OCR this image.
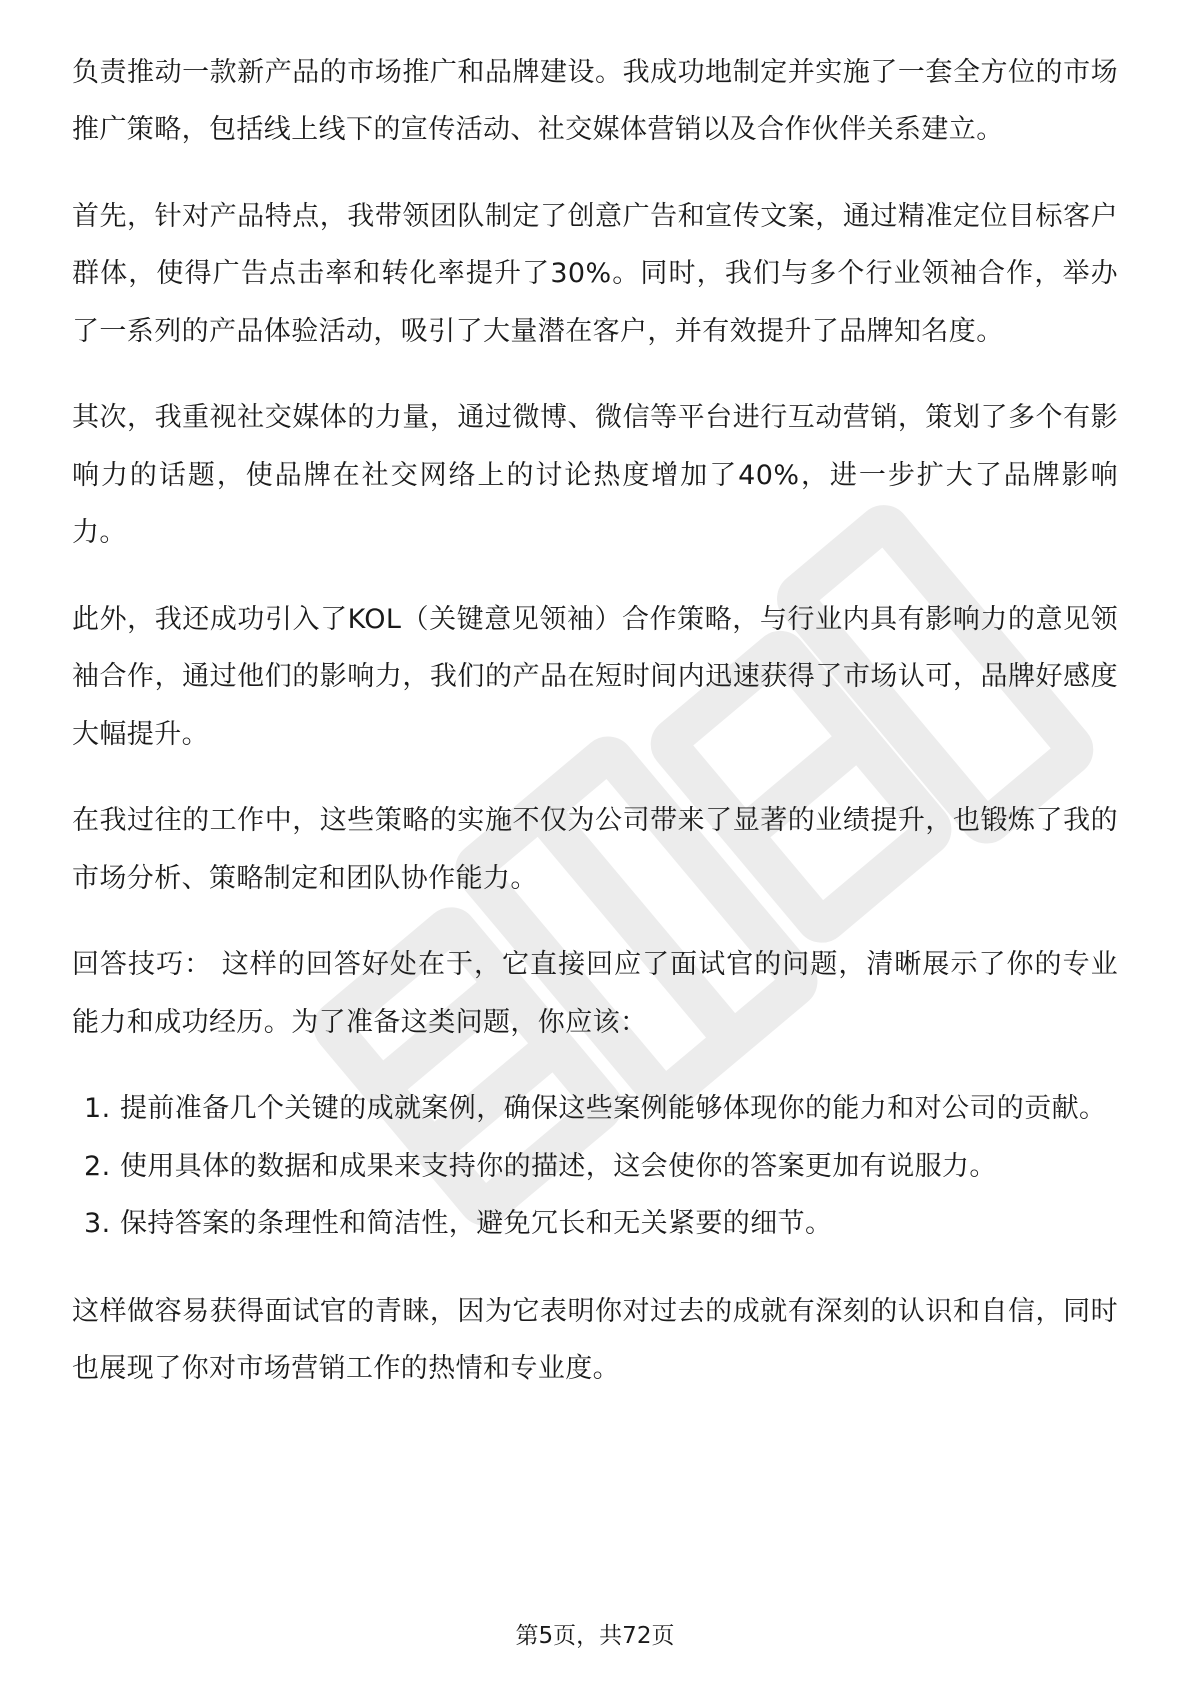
负责推动一款新产品的市场推广和品牌建设。我成功地制定并实施了一套全方位的市场推广策略，包括线上线下的宣传活动、社交媒体营销以及合作伙伴关系建立。

首先，针对产品特点，我带领团队制定了创意广告和宣传文案，通过精准定位目标客户群体，使得广告点击率和转化率提升了30%。同时，我们与多个行业领袖合作，举办了一系列的产品体验活动，吸引了大量潜在客户，并有效提升了品牌知名度。

其次，我重视社交媒体的力量，通过微博、微信等平台进行互动营销，策划了多个有影响力的话题，使品牌在社交网络上的讨论热度增加了40%，进一步扩大了品牌影响力。

此外，我还成功引入了KOL（关键意见领袖）合作策略，与行业内具有影响力的意见领袖合作，通过他们的影响力，我们的产品在短时间内迅速获得了市场认可，品牌好感度大幅提升。

在我过往的工作中，这些策略的实施不仅为公司带来了显著的业绩提升，也锻炼了我的市场分析、策略制定和团队协作能力。

回答技巧： 这样的回答好处在于，它直接回应了面试官的问题，清晰展示了你的专业能力和成功经历。为了准备这类问题，你应该：

1. 提前准备几个关键的成就案例，确保这些案例能够体现你的能力和对公司的贡献。
2. 使用具体的数据和成果来支持你的描述，这会使你的答案更加有说服力。
3. 保持答案的条理性和简洁性，避免冗长和无关紧要的细节。

这样做容易获得面试官的青睐，因为它表明你对过去的成就有深刻的认识和自信，同时也展现了你对市场营销工作的热情和专业度。

第5页，共72页
